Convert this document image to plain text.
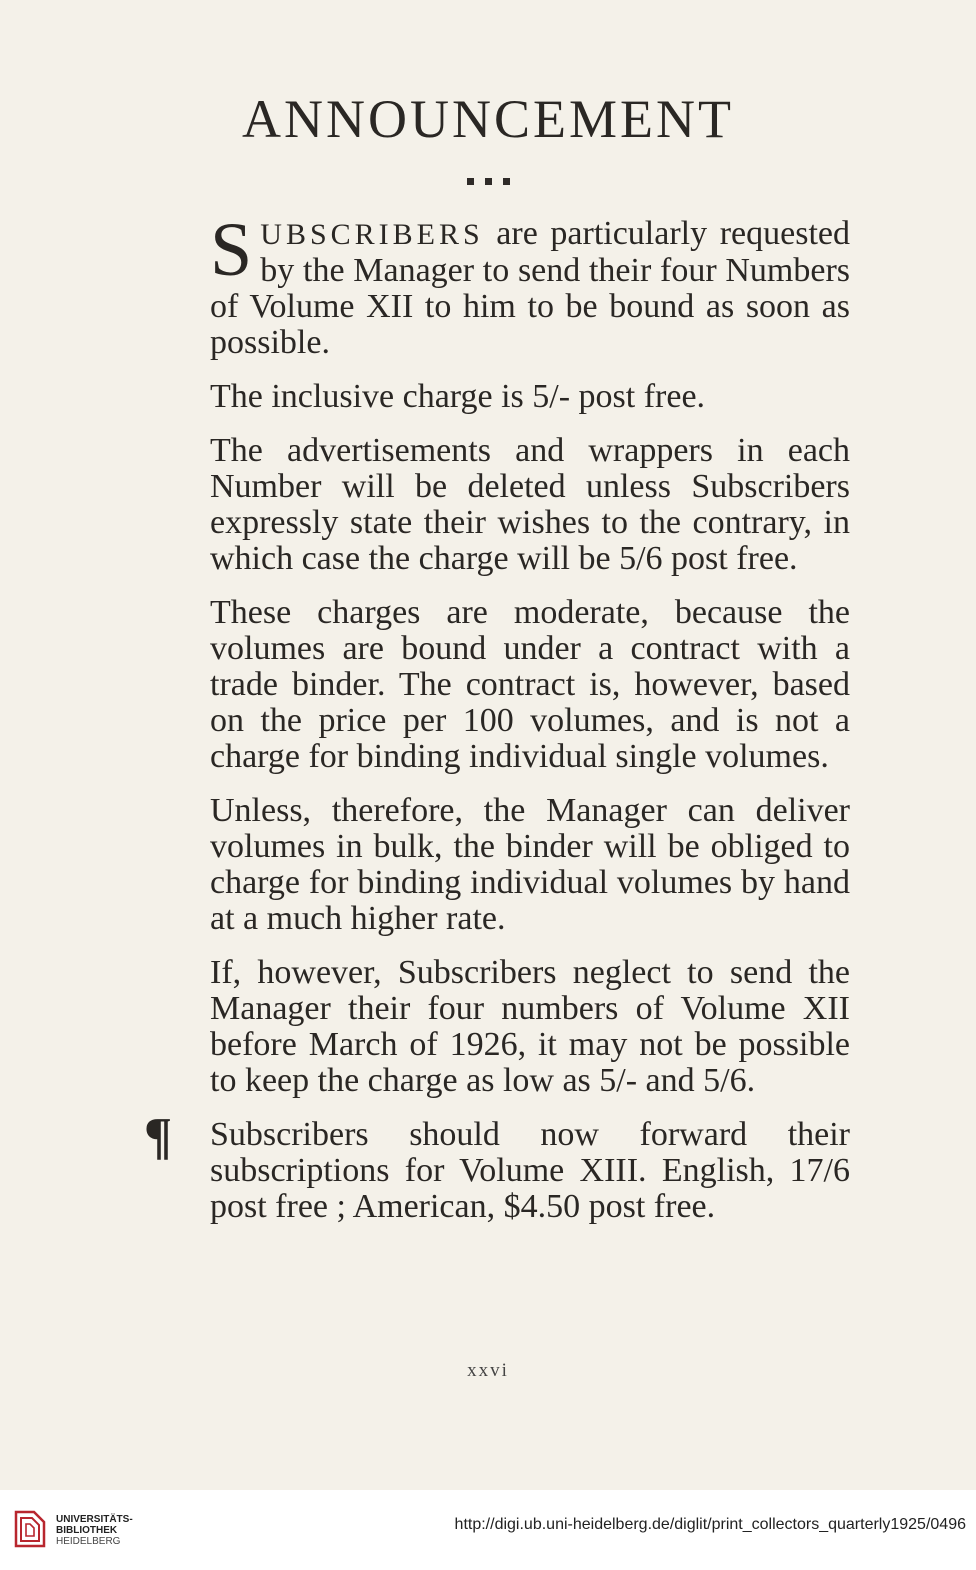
ANNOUNCEMENT

SUBSCRIBERS are particularly requested by the Manager to send their four Numbers of Volume XII to him to be bound as soon as possible.

The inclusive charge is 5/- post free.

The advertisements and wrappers in each Number will be deleted unless Subscribers expressly state their wishes to the contrary, in which case the charge will be 5/6 post free.

These charges are moderate, because the volumes are bound under a contract with a trade binder. The contract is, however, based on the price per 100 volumes, and is not a charge for binding individual single volumes.

Unless, therefore, the Manager can deliver volumes in bulk, the binder will be obliged to charge for binding individual volumes by hand at a much higher rate.

If, however, Subscribers neglect to send the Manager their four numbers of Volume XII before March of 1926, it may not be possible to keep the charge as low as 5/- and 5/6.

¶ Subscribers should now forward their subscriptions for Volume XIII. English, 17/6 post free ; American, $4.50 post free.

xxvi
UNIVERSITÄTS-
BIBLIOTHEK
HEIDELBERG
http://digi.ub.uni-heidelberg.de/diglit/print_collectors_quarterly1925/0496
